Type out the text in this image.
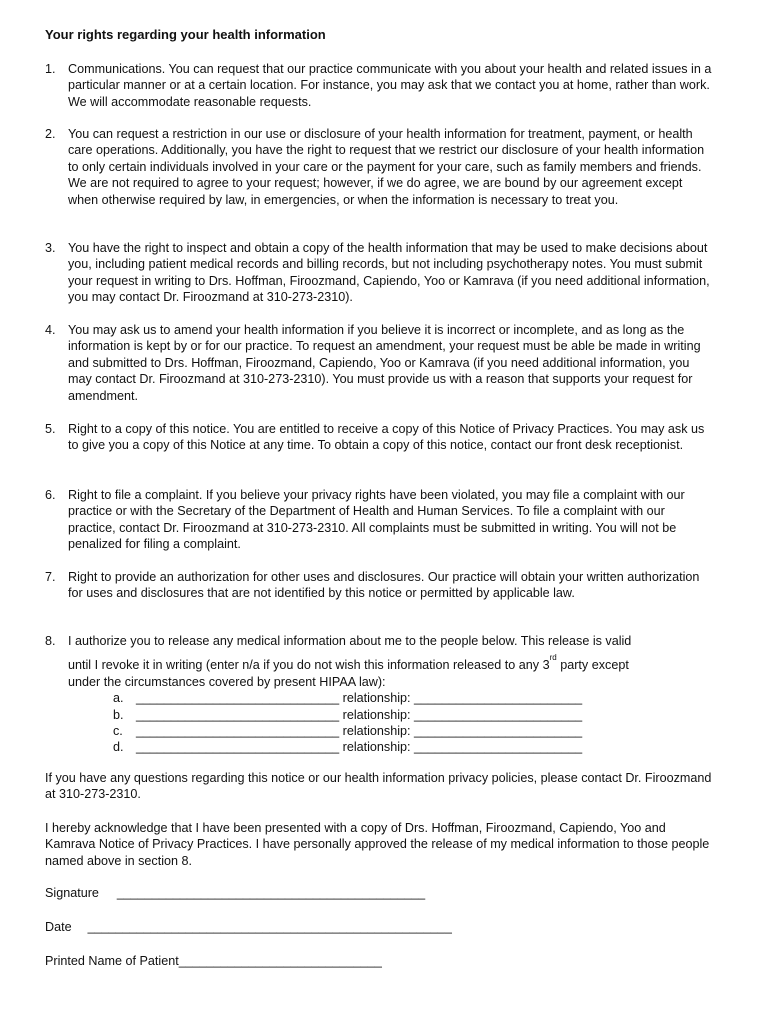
Your rights regarding your health information
1. Communications. You can request that our practice communicate with you about your health and related issues in a particular manner or at a certain location. For instance, you may ask that we contact you at home, rather than work. We will accommodate reasonable requests.
2. You can request a restriction in our use or disclosure of your health information for treatment, payment, or health care operations. Additionally, you have the right to request that we restrict our disclosure of your health information to only certain individuals involved in your care or the payment for your care, such as family members and friends. We are not required to agree to your request; however, if we do agree, we are bound by our agreement except when otherwise required by law, in emergencies, or when the information is necessary to treat you.
3. You have the right to inspect and obtain a copy of the health information that may be used to make decisions about you, including patient medical records and billing records, but not including psychotherapy notes. You must submit your request in writing to Drs. Hoffman, Firoozmand, Capiendo, Yoo or Kamrava (if you need additional information, you may contact Dr. Firoozmand at 310-273-2310).
4. You may ask us to amend your health information if you believe it is incorrect or incomplete, and as long as the information is kept by or for our practice. To request an amendment, your request must be able be made in writing and submitted to Drs. Hoffman, Firoozmand, Capiendo, Yoo or Kamrava (if you need additional information, you may contact Dr. Firoozmand at 310-273-2310). You must provide us with a reason that supports your request for amendment.
5. Right to a copy of this notice. You are entitled to receive a copy of this Notice of Privacy Practices. You may ask us to give you a copy of this Notice at any time. To obtain a copy of this notice, contact our front desk receptionist.
6. Right to file a complaint. If you believe your privacy rights have been violated, you may file a complaint with our practice or with the Secretary of the Department of Health and Human Services. To file a complaint with our practice, contact Dr. Firoozmand at 310-273-2310. All complaints must be submitted in writing. You will not be penalized for filing a complaint.
7. Right to provide an authorization for other uses and disclosures. Our practice will obtain your written authorization for uses and disclosures that are not identified by this notice or permitted by applicable law.
8. I authorize you to release any medical information about me to the people below. This release is valid
until I revoke it in writing (enter n/a if you do not wish this information released to any 3rd party except
under the circumstances covered by present HIPAA law):
a. _____________________________ relationship: ________________________
b. _____________________________ relationship: ________________________
c.	_____________________________ relationship: ________________________
d. _____________________________ relationship: ________________________
If you have any questions regarding this notice or our health information privacy policies, please contact Dr. Firoozmand at 310-273-2310.
I hereby acknowledge that I have been presented with a copy of Drs. Hoffman, Firoozmand, Capiendo, Yoo and Kamrava Notice of Privacy Practices. I have personally approved the release of my medical information to those people named above in section 8.
Signature ____________________________________________
Date ____________________________________________________
Printed Name of Patient_____________________________
